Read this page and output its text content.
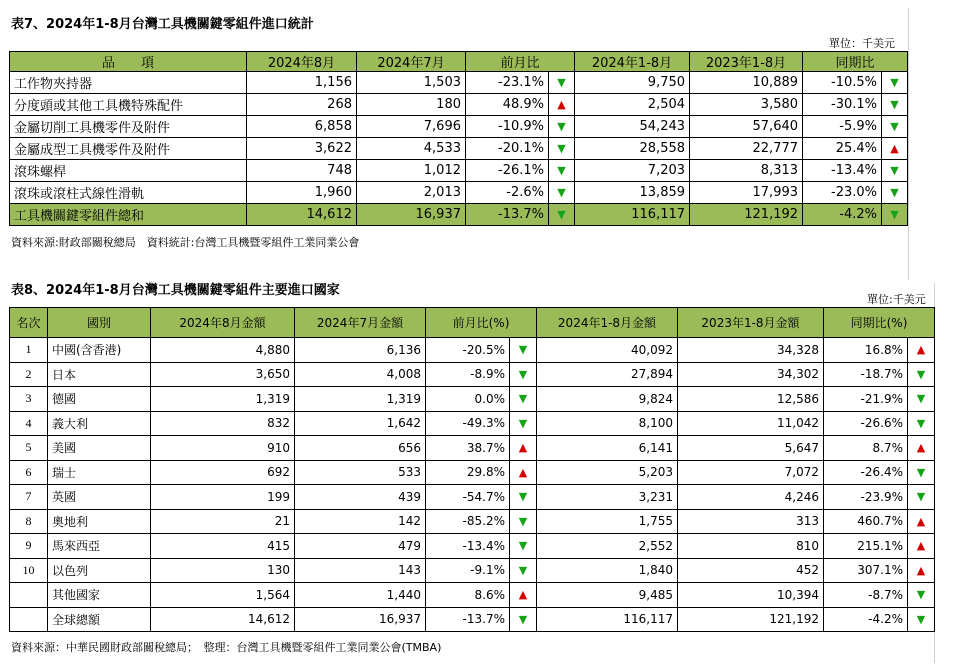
表7、2024年1-8月台灣工具機關鍵零組件進口統計
單位：千美元
品　　項	2024年8月	2024年7月	前月比		2024年1-8月	2023年1-8月	同期比	
工作物夾持器	1,156	1,503	-23.1%	▼	9,750	10,889	-10.5%	▼
分度頭或其他工具機特殊配件	268	180	48.9%	▲	2,504	3,580	-30.1%	▼
金屬切削工具機零件及附件	6,858	7,696	-10.9%	▼	54,243	57,640	-5.9%	▼
金屬成型工具機零件及附件	3,622	4,533	-20.1%	▼	28,558	22,777	25.4%	▲
滾珠螺桿	748	1,012	-26.1%	▼	7,203	8,313	-13.4%	▼
滾珠或滾柱式線性滑軌	1,960	2,013	-2.6%	▼	13,859	17,993	-23.0%	▼
工具機關鍵零組件總和	14,612	16,937	-13.7%	▼	116,117	121,192	-4.2%	▼
資料來源:財政部關稅總局　資料統計:台灣工具機暨零組件工業同業公會
表8、2024年1-8月台灣工具機關鍵零組件主要進口國家
單位:千美元
名次	國別	2024年8月金額	2024年7月金額	前月比(%)		2024年1-8月金額	2023年1-8月金額	同期比(%)	
1	中國(含香港)	4,880	6,136	-20.5%	▼	40,092	34,328	16.8%	▲
2	日本	3,650	4,008	-8.9%	▼	27,894	34,302	-18.7%	▼
3	德國	1,319	1,319	0.0%	▼	9,824	12,586	-21.9%	▼
4	義大利	832	1,642	-49.3%	▼	8,100	11,042	-26.6%	▼
5	美國	910	656	38.7%	▲	6,141	5,647	8.7%	▲
6	瑞士	692	533	29.8%	▲	5,203	7,072	-26.4%	▼
7	英國	199	439	-54.7%	▼	3,231	4,246	-23.9%	▼
8	奧地利	21	142	-85.2%	▼	1,755	313	460.7%	▲
9	馬來西亞	415	479	-13.4%	▼	2,552	810	215.1%	▲
10	以色列	130	143	-9.1%	▼	1,840	452	307.1%	▲
	其他國家	1,564	1,440	8.6%	▲	9,485	10,394	-8.7%	▼
	全球總額	14,612	16,937	-13.7%	▼	116,117	121,192	-4.2%	▼
資料來源：中華民國財政部關稅總局；　整理：台灣工具機暨零組件工業同業公會(TMBA)
